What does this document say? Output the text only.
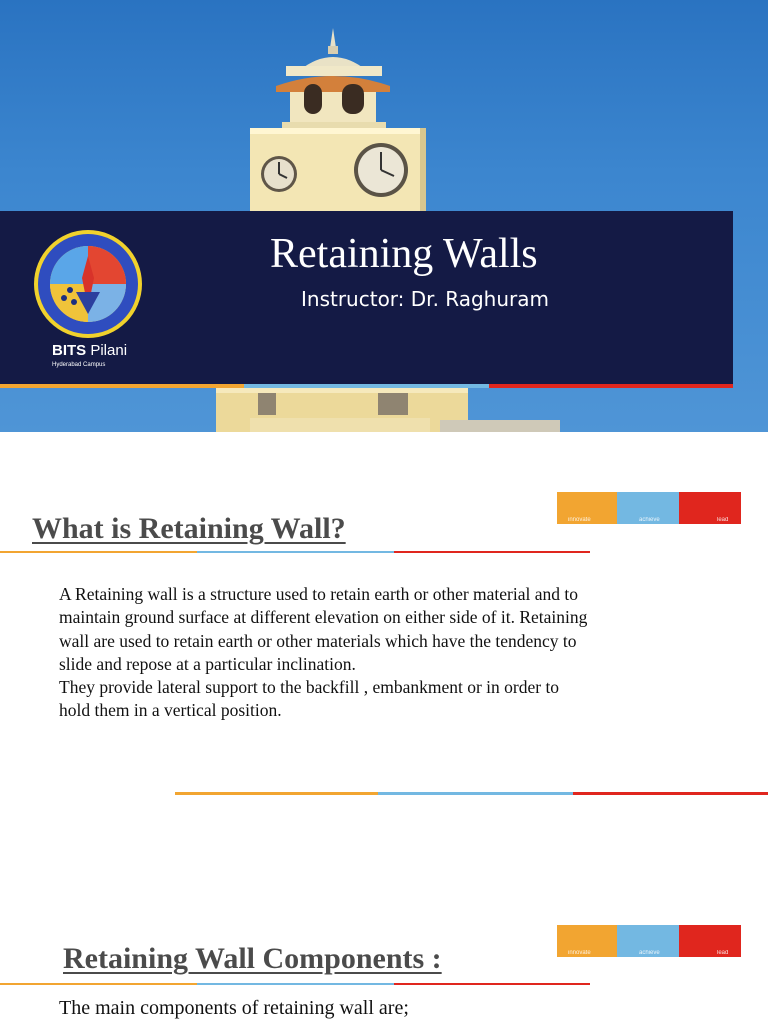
Retaining Walls
Instructor: Dr. Raghuram
BITS Pilani
Hyderabad Campus
What is Retaining Wall?	innovate	achieve	lead

A Retaining wall is a structure used to retain earth or other material and to maintain ground surface at different elevation on either side of it. Retaining wall are used to retain earth or other materials which have the tendency to slide and repose at a particular inclination.

They provide lateral support to the backfill , embankment or in order to hold them in a vertical position.

Retaining Wall Components :	innovate	achieve	lead
The main components of retaining wall are;
